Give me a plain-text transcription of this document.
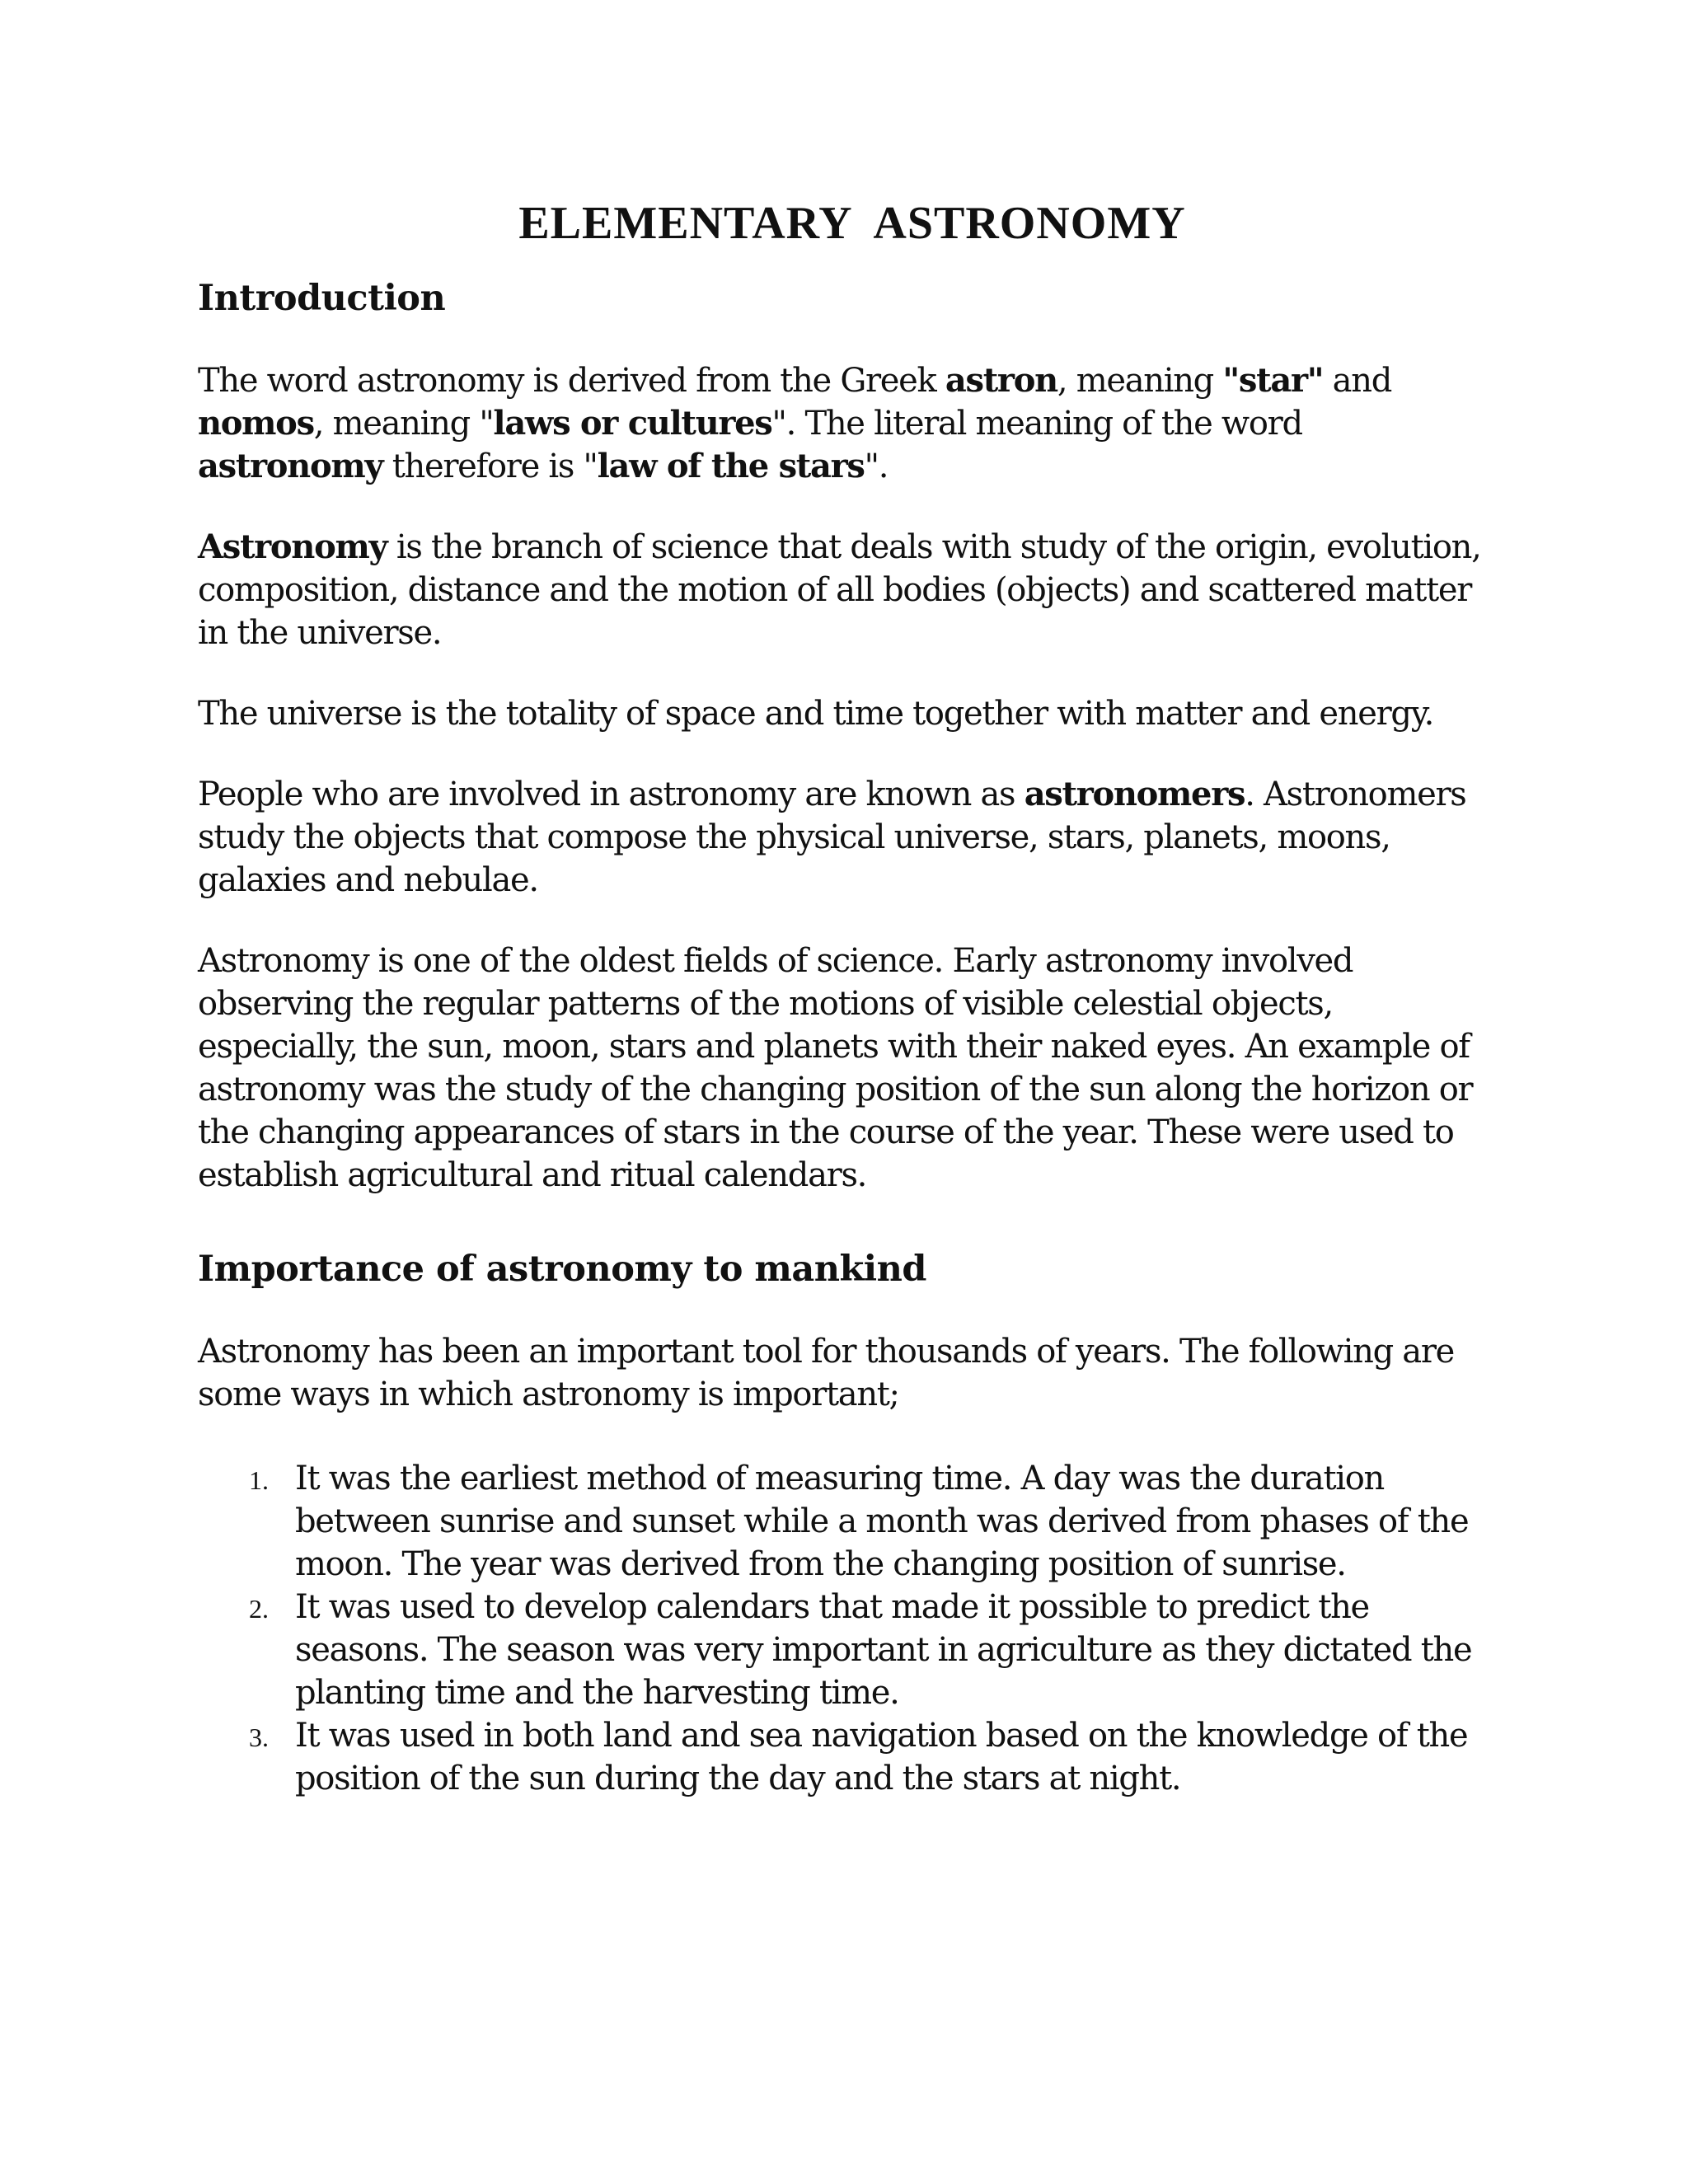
ELEMENTARY  ASTRONOMY
Introduction

The word astronomy is derived from the Greek astron, meaning "star" and nomos, meaning "laws or cultures". The literal meaning of the word astronomy therefore is "law of the stars".

Astronomy is the branch of science that deals with study of the origin, evolution, composition, distance and the motion of all bodies (objects) and scattered matter in the universe.

The universe is the totality of space and time together with matter and energy.

People who are involved in astronomy are known as astronomers. Astronomers study the objects that compose the physical universe, stars, planets, moons, galaxies and nebulae.

Astronomy is one of the oldest fields of science. Early astronomy involved observing the regular patterns of the motions of visible celestial objects, especially, the sun, moon, stars and planets with their naked eyes. An example of astronomy was the study of the changing position of the sun along the horizon or the changing appearances of stars in the course of the year. These were used to establish agricultural and ritual calendars.

Importance of astronomy to mankind

Astronomy has been an important tool for thousands of years. The following are some ways in which astronomy is important;

1. It was the earliest method of measuring time. A day was the duration between sunrise and sunset while a month was derived from phases of the moon. The year was derived from the changing position of sunrise.
2. It was used to develop calendars that made it possible to predict the seasons. The season was very important in agriculture as they dictated the planting time and the harvesting time.
3. It was used in both land and sea navigation based on the knowledge of the position of the sun during the day and the stars at night.
